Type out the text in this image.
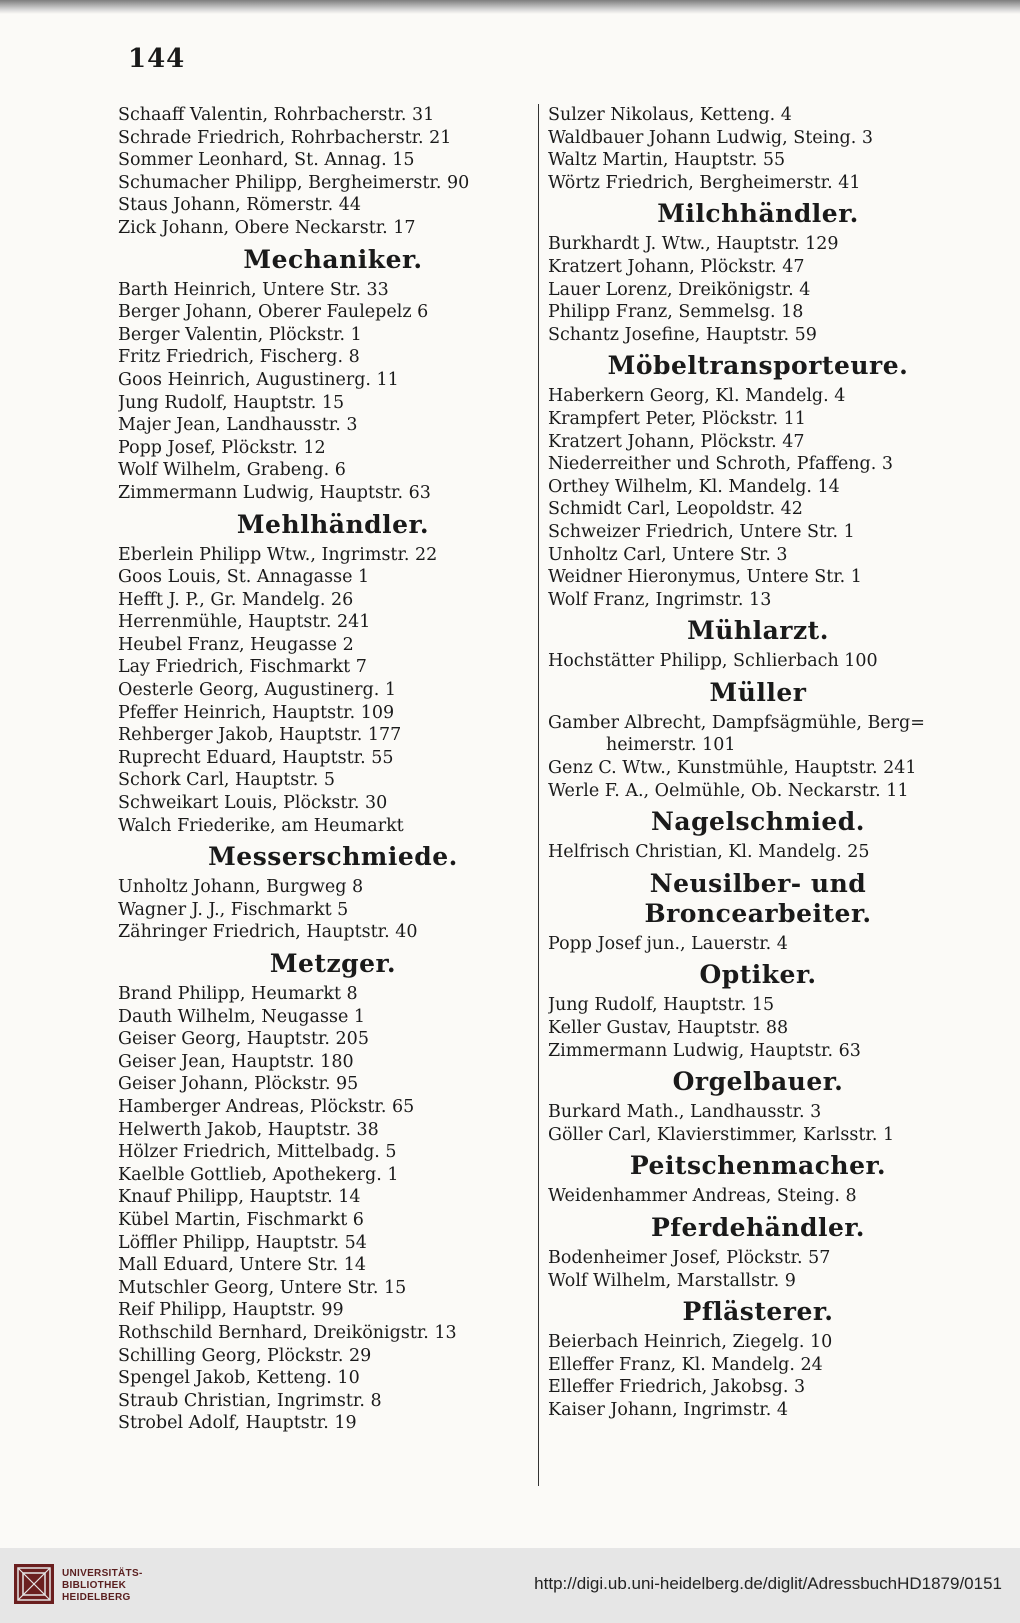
144
Schaaff Valentin, Rohrbacherstr. 31
Schrade Friedrich, Rohrbacherstr. 21
Sommer Leonhard, St. Annag. 15
Schumacher Philipp, Bergheimerstr. 90
Staus Johann, Römerstr. 44
Zick Johann, Obere Neckarstr. 17
Mechaniker.
Barth Heinrich, Untere Str. 33
Berger Johann, Oberer Faulepelz 6
Berger Valentin, Plöckstr. 1
Fritz Friedrich, Fischerg. 8
Goos Heinrich, Augustinerg. 11
Jung Rudolf, Hauptstr. 15
Majer Jean, Landhausstr. 3
Popp Josef, Plöckstr. 12
Wolf Wilhelm, Grabeng. 6
Zimmermann Ludwig, Hauptstr. 63
Mehlhändler.
Eberlein Philipp Wtw., Ingrimstr. 22
Goos Louis, St. Annagasse 1
Hefft J. P., Gr. Mandelg. 26
Herrenmühle, Hauptstr. 241
Heubel Franz, Heugasse 2
Lay Friedrich, Fischmarkt 7
Oesterle Georg, Augustinerg. 1
Pfeffer Heinrich, Hauptstr. 109
Rehberger Jakob, Hauptstr. 177
Ruprecht Eduard, Hauptstr. 55
Schork Carl, Hauptstr. 5
Schweikart Louis, Plöckstr. 30
Walch Friederike, am Heumarkt
Messerschmiede.
Unholtz Johann, Burgweg 8
Wagner J. J., Fischmarkt 5
Zähringer Friedrich, Hauptstr. 40
Metzger.
Brand Philipp, Heumarkt 8
Dauth Wilhelm, Neugasse 1
Geiser Georg, Hauptstr. 205
Geiser Jean, Hauptstr. 180
Geiser Johann, Plöckstr. 95
Hamberger Andreas, Plöckstr. 65
Helwerth Jakob, Hauptstr. 38
Hölzer Friedrich, Mittelbadg. 5
Kaelble Gottlieb, Apothekerg. 1
Knauf Philipp, Hauptstr. 14
Kübel Martin, Fischmarkt 6
Löffler Philipp, Hauptstr. 54
Mall Eduard, Untere Str. 14
Mutschler Georg, Untere Str. 15
Reif Philipp, Hauptstr. 99
Rothschild Bernhard, Dreikönigstr. 13
Schilling Georg, Plöckstr. 29
Spengel Jakob, Ketteng. 10
Straub Christian, Ingrimstr. 8
Strobel Adolf, Hauptstr. 19
Sulzer Nikolaus, Ketteng. 4
Waldbauer Johann Ludwig, Steing. 3
Waltz Martin, Hauptstr. 55
Wörtz Friedrich, Bergheimerstr. 41
Milchhändler.
Burkhardt J. Wtw., Hauptstr. 129
Kratzert Johann, Plöckstr. 47
Lauer Lorenz, Dreikönigstr. 4
Philipp Franz, Semmelsg. 18
Schantz Josefine, Hauptstr. 59
Möbeltransporteure.
Haberkern Georg, Kl. Mandelg. 4
Krampfert Peter, Plöckstr. 11
Kratzert Johann, Plöckstr. 47
Niederreither und Schroth, Pfaffeng. 3
Orthey Wilhelm, Kl. Mandelg. 14
Schmidt Carl, Leopoldstr. 42
Schweizer Friedrich, Untere Str. 1
Unholtz Carl, Untere Str. 3
Weidner Hieronymus, Untere Str. 1
Wolf Franz, Ingrimstr. 13
Mühlarzt.
Hochstätter Philipp, Schlierbach 100
Müller
Gamber Albrecht, Dampfsägmühle, Berg=
heimerstr. 101
Genz C. Wtw., Kunstmühle, Hauptstr. 241
Werle F. A., Oelmühle, Ob. Neckarstr. 11
Nagelschmied.
Helfrisch Christian, Kl. Mandelg. 25
Neusilber- und Broncearbeiter.
Popp Josef jun., Lauerstr. 4
Optiker.
Jung Rudolf, Hauptstr. 15
Keller Gustav, Hauptstr. 88
Zimmermann Ludwig, Hauptstr. 63
Orgelbauer.
Burkard Math., Landhausstr. 3
Göller Carl, Klavierstimmer, Karlsstr. 1
Peitschenmacher.
Weidenhammer Andreas, Steing. 8
Pferdehändler.
Bodenheimer Josef, Plöckstr. 57
Wolf Wilhelm, Marstallstr. 9
Pflästerer.
Beierbach Heinrich, Ziegelg. 10
Elleffer Franz, Kl. Mandelg. 24
Elleffer Friedrich, Jakobsg. 3
Kaiser Johann, Ingrimstr. 4
UNIVERSITÄTS-
BIBLIOTHEK
HEIDELBERG
http://digi.ub.uni-heidelberg.de/diglit/AdressbuchHD1879/0151
